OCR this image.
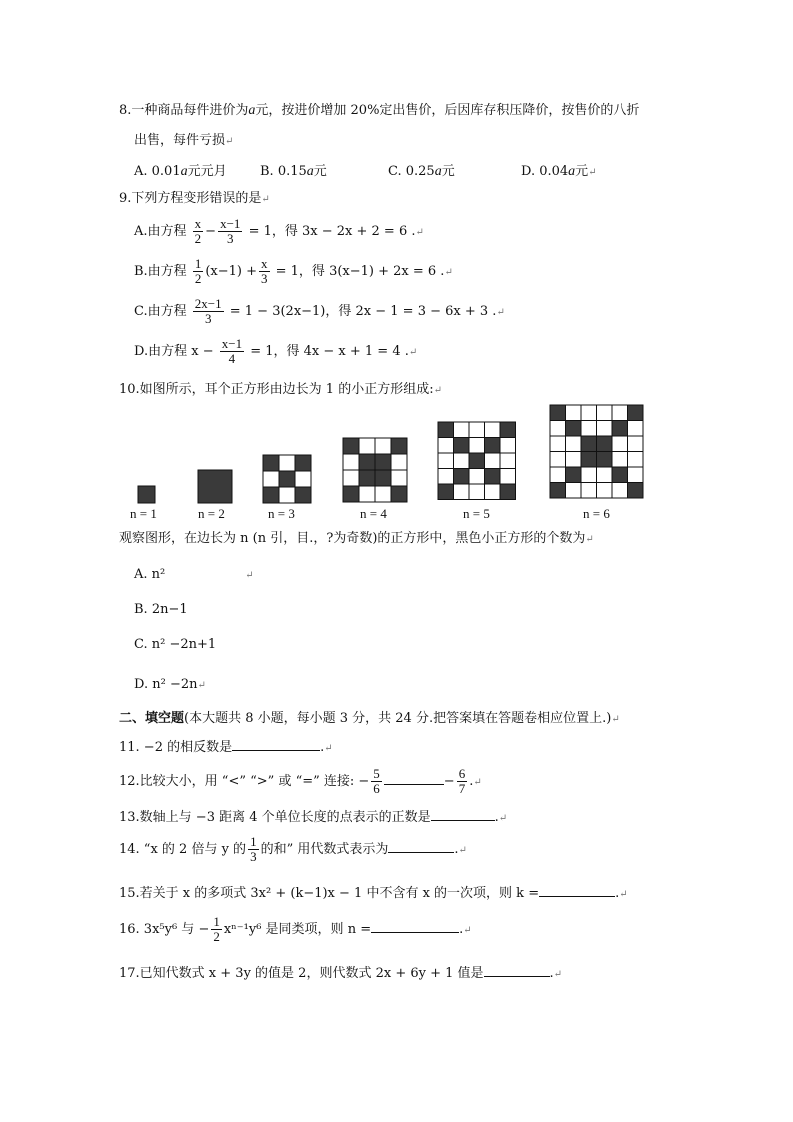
8.一种商品每件进价为a元，按进价增加 20%定出售价，后因库存积压降价，按售价的八折
出售，每件亏损↵
A. 0.01a元元月	B. 0.15a元	C. 0.25a元	D. 0.04a元↵
9.下列方程变形错误的是↵
A.由方程 $\frac{x}{2} - \frac{x-1}{3} = 1$，得 3x − 2x + 2 = 6 .↵
B.由方程 $\frac{1}{2} (x-1) + \frac{x}{3} = 1$，得 3(x−1) + 2x = 6 .↵
C.由方程 $\frac{2x-1}{3} = 1 - 3(2x-1)$，得 2x − 1 = 3 − 6x + 3 .↵
D.由方程 $x - \frac{x-1}{4} = 1$，得 4x − x + 1 = 4 .↵
10.如图所示，耳个正方形由边长为 1 的小正方形组成:↵
n = 1	n = 2	n = 3	n = 4	n = 5	n = 6
观察图形，在边长为 n (n 引，目.，?为奇数)的正方形中，黑色小正方形的个数为↵
A. n²	↵
B. 2n−1
C. n² −2n+1
D. n² −2n↵
二、填空题(本大题共 8 小题，每小题 3 分，共 24 分.把答案填在答题卷相应位置上.)↵
11. −2 的相反数是	.↵
12.比较大小，用 “<” “>” 或 “=” 连接: − $\frac{5}{6}$	− $\frac{6}{7}$ .↵
13.数轴上与 −3 距离 4 个单位长度的点表示的正数是	.↵
14. “x 的 2 倍与 y 的 $\frac{1}{3}$ 的和” 用代数式表示为	.↵
15.若关于 x 的多项式 3x² + (k−1)x − 1 中不含有 x 的一次项，则 k =	.↵
16. 3x⁵y⁶ 与 − $\frac{1}{2} x^{n-1}y^6$ 是同类项，则 n =	.↵
17.已知代数式 x + 3y 的值是 2，则代数式 2x + 6y + 1 值是	.↵
